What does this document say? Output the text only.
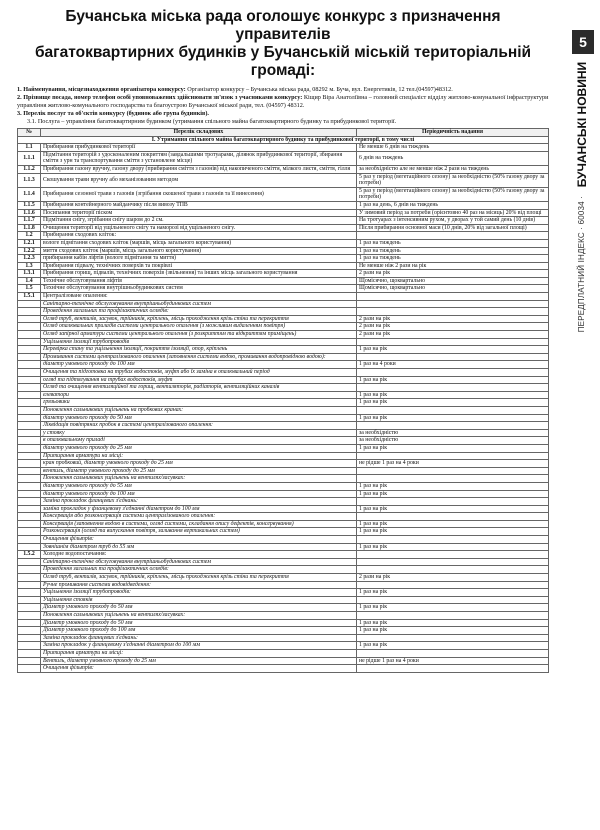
Бучанська міська рада оголошує конкурс з призначення управителів
багатоквартирних будинків у Бучанській міській територіальній громаді:

1. Найменування, місцезнаходження організатора конкурсу: Організатор конкурсу – Бучанська міська рада, 08292 м. Буча, вул. Енергетиків, 12 тел.(04597)48312.

2. Прізвище посада, номер телефон особі уповноважених здійснювати зв'язок з учасниками конкурсу: Кіщир Віра Анатоліївна – головний спеціаліст відділу житлово-комунальної інфраструктури управління житлово-комунального господарства та благоустрою Бучанської міської ради, тел. (04597) 48312.

3. Перелік послуг та об'єктів конкурсу (будинок або група будинків).

3.1. Послуга – управління багатоквартирним будинком (утримання спільного майна багатоквартирного будинку та прибудинкової території.

№	Перелік складових	Періодичність надання
І. Утримання спільного майна багатоквартирного будинку та прибудинкової території, в тому числі		
1.1	Прибирання прибудинкової території	Не менше 6 днів на тиждень
1.1.1	Підмітання територій з удосконаленим покриттям (завдальшими тротуарами, ділянок прибудинкової території, збирання сміття з урн та транспортування сміття з установлене місце)	6 днів на тиждень
1.1.2	Прибирання газону вручну, газону двору (прибирання сміття з газонів) від накопиченого сміття, мілкого листя, сміття, гілля	за необхідністю але не менше ніж 2 рази на тиждень
1.1.3	Скошування трави вручну або механізованим методом	5 раз у період (вегетаційного сезону) за необхідністю (50% газону двору за потреби)
1.1.4	Прибирання сезонної трави з газонів (згрібання скошеної трави з газонів та її винесення)	5 раз у період (вегетаційного сезону) за необхідністю (50% газону двору за потреби)
1.1.5	Прибирання контейнерного майданчику після вивозу ТПВ	1 раз на день, 6 днів на тиждень
1.1.6	Посипання території піском	У зимовий період за потреби (орієнтовно 40 раз на місяць) 20% від площі
1.1.7	Підмітання снігу, згрібання снігу шаром до 2 см.	На тротуарах з інтенсивним рухом, у дворах у той самий день (10 днів)
1.1.8	Очищення території від ущільненого снігу та наморозі від ущільненого снігу.	Після прибирання основної маси (10 днів, 20% від загальної площі)
1.2	Прибирання сходових кліток:	
1.2.1	вологе підмітання сходових кліток (маршів, місць загального користування)	1 раз на тиждень
1.2.2	миття сходових кліток (маршів, місць загального користування)	1 раз на тиждень
1.2.3	прибирання кабін ліфтів (вологе підмітання та миття)	1 раз на тиждень
1.3	Прибирання підвалу, технічних поверхів та покрівлі	Не менше ніж 2 рази на рік
1.3.1	Прибирання горищ, підвалів, технічних поверхів (звільнення) та інших місць загального користування	2 рази на рік
1.4	Технічне обслуговування ліфтів	Щомісячно, щоквартально
1.5	Технічне обслуговування внутрішньобудинкових систем	Щомісячно, щоквартально
1.5.1	Централізоване опалення:	
	Санітарно-технічне обслуговування внутрішньобудинкових систем	
	Проведення загальних та профілактичних оглядів:	
	Огляд труб, вентилів, засувок, трійників, кріплень, місць проходження крізь стіни та перекриття	2 рази на рік
	Огляд опалювальних приладів системи центрального опалення (з можливим видаленням повітря)	2 рази на рік
	Огляд запірної арматури системи центрального опалення (з розкриттям та відкриттям приміщень)	2 рази на рік
	Ущільнення ізоляції трубопроводів	
	Перевірка стану та ущільнення ізоляції, покриття ізоляції, опор, кріплень	1 раз на рік
	Промивання системи централізованого опалення (заповнення системи водою, промивання водопровідною водою):	
	діаметр умовного проходу до 100 мм	1 раз на 4 роки
	Очищення та підготовка на трубах водостоків, муфт або їх заміна в опалювальний період	
	огляд та підтягування на трубах водостоків, муфт	1 раз на рік
	Огляд та очищення вентиляційної та горищ, вентиляторів, радіаторів, вентиляційних каналів	
	елеватори	1 раз на рік
	грязьовики	1 раз на рік
	Поновлення сальникових ущільнень на пробкових кранах:	
	діаметр умовного проходу до 50 мм	1 раз на рік
	Ліквідація повітряних пробок в системі централізованого опалення:	
	у стояку	за необхідністю
	в опалювальному приладі	за необхідністю
	діаметр умовного проходу до 25 мм	1 раз на рік
	Притирання арматури на місці:	
	кран пробковий, діаметр умовного проходу до 25 мм	не рідше 1 раз на 4 роки
	вентиль, діаметр умовного проходу до 25 мм	
	Поновлення сальникових ущільнень на вентилях/засувках:	
	діаметр умовного проходу до 55 мм	1 раз на рік
	діаметр умовного проходу до 100 мм	1 раз на рік
	Заміна прокладок фланцевих з'єднань:	
	заміна прокладок у фланцевому з'єднанні діаметром до 100 мм	1 раз на рік
	Консервація або розконсервація системи централізованого опалення:	
	Консервація (заповнення водою в системи, огляд системи, складання опису дефектів, консервування)	1 раз на рік
	Розконсервація (огляд та випускання повітря, заливання вертикальних систем)	1 раз на рік
	Очищення фільтрів:	
	Зовнішнім діаметром труб до 55 мм	1 раз на рік
1.5.2	Холодне водопостачання:	
	Санітарно-технічне обслуговування внутрішньобудинкових систем	
	Проведення загальних та профілактичних оглядів:	
	Огляд труб, вентилів, засувок, трійників, кріплень, місць проходження крізь стіни та перекриття	2 рази на рік
	Ручне промивання системи водовідведення:	
	Ущільнення ізоляції трубопроводів:	1 раз на рік
	Ущільнення стояків	
	Діаметр умовного проходу до 50 мм	1 раз на рік
	Поновлення сальникових ущільнень на вентилях/засувках:	
	Діаметр умовного проходу до 50 мм	1 раз на рік
	Діаметр умовного проходу до 100 мм	1 раз на рік
	Заміна прокладок фланцевих з'єднань:	
	Заміна прокладок у фланцевому з'єднанні діаметром до 100 мм	1 раз на рік
	Притирання арматури на місці:	
	Вентиль, діаметр умовного проходу до 25 мм	не рідше 1 раз на 4 роки
	Очищення фільтрів:	
5
ПЕРЕДПЛАТНИЙ ІНДЕКС · 60034 · БУЧАНСЬКІ НОВИНИ
